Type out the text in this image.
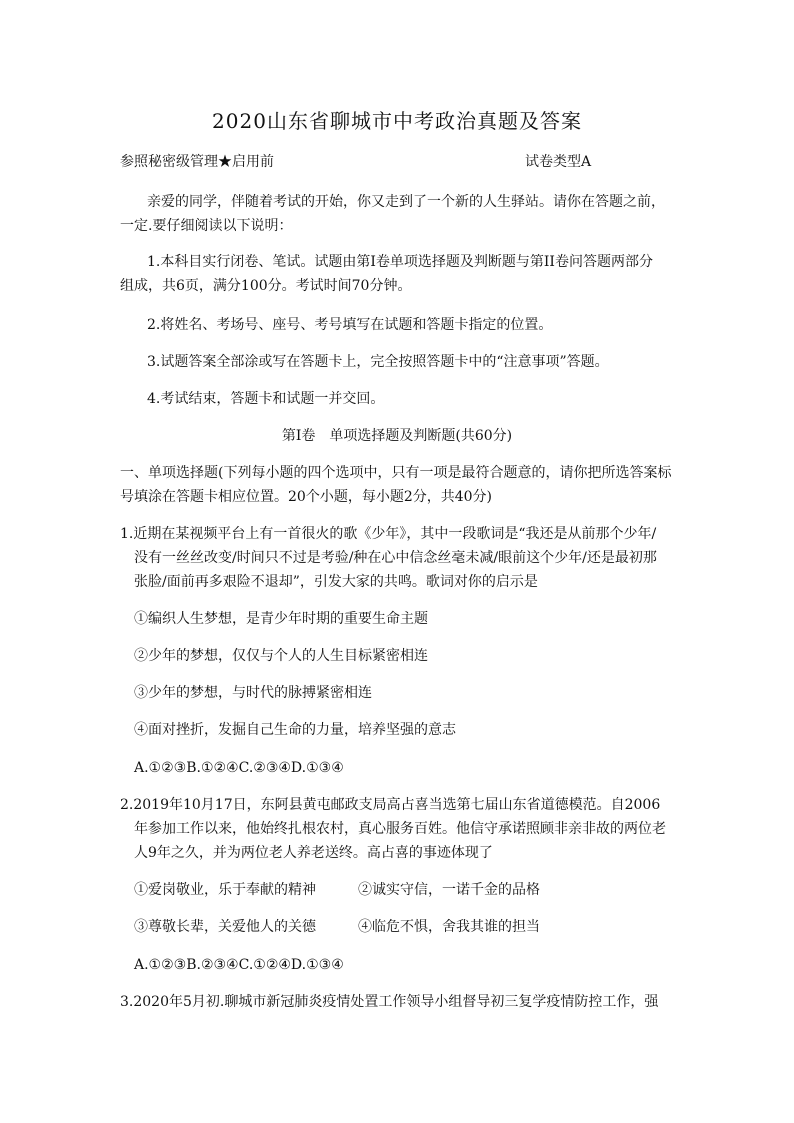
2020山东省聊城市中考政治真题及答案
参照秘密级管理★启用前	试卷类型A
亲爱的同学，伴随着考试的开始，你又走到了一个新的人生驿站。请你在答题之前，
一定.要仔细阅读以下说明：
1.本科目实行闭卷、笔试。试题由第I卷单项选择题及判断题与第II卷问答题两部分
组成，共6页，满分100分。考试时间70分钟。
2.将姓名、考场号、座号、考号填写在试题和答题卡指定的位置。
3.试题答案全部涂或写在答题卡上，完全按照答题卡中的“注意事项”答题。
4.考试结束，答题卡和试题一并交回。
第I卷　单项选择题及判断题(共60分)
一、单项选择题(下列每小题的四个选项中，只有一项是最符合题意的，请你把所选答案标
号填涂在答题卡相应位置。20个小题，每小题2分，共40分)
1.近期在某视频平台上有一首很火的歌《少年》，其中一段歌词是“我还是从前那个少年/
没有一丝丝改变/时间只不过是考验/种在心中信念丝毫未减/眼前这个少年/还是最初那
张脸/面前再多艰险不退却”，引发大家的共鸣。歌词对你的启示是
①编织人生梦想，是青少年时期的重要生命主题
②少年的梦想，仅仅与个人的人生目标紧密相连
③少年的梦想，与时代的脉搏紧密相连
④面对挫折，发掘自己生命的力量，培养坚强的意志
A.①②③B.①②④C.②③④D.①③④
2.2019年10月17日，东阿县黄屯邮政支局高占喜当选第七届山东省道德模范。自2006
年参加工作以来，他始终扎根农村，真心服务百姓。他信守承诺照顾非亲非故的两位老
人9年之久，并为两位老人养老送终。高占喜的事迹体现了
①爱岗敬业，乐于奉献的精神	②诚实守信，一诺千金的品格
③尊敬长辈，关爱他人的关德	④临危不惧，舍我其谁的担当
A.①②③B.②③④C.①②④D.①③④
3.2020年5月初.聊城市新冠肺炎疫情处置工作领导小组督导初三复学疫情防控工作，强
